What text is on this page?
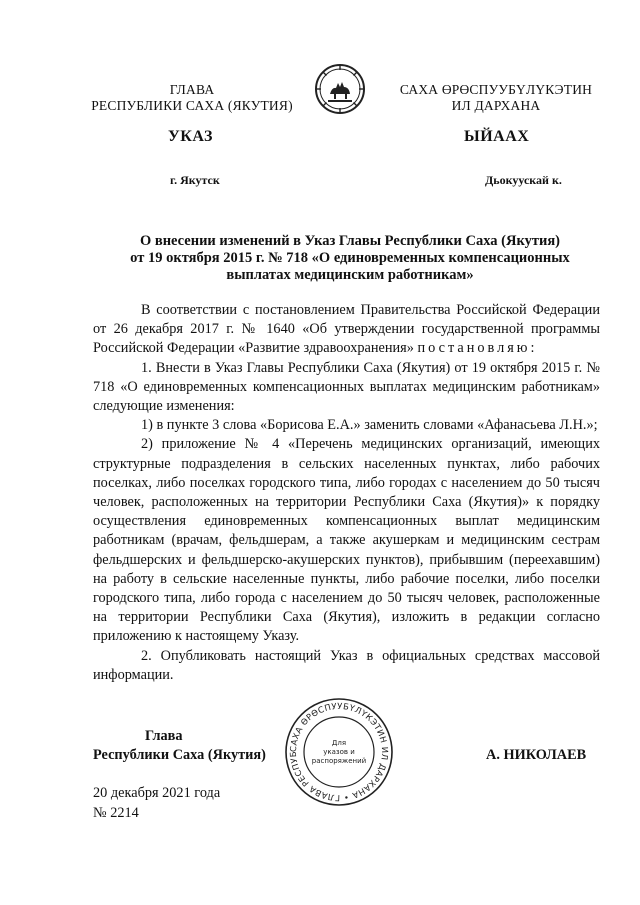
ГЛАВА
РЕСПУБЛИКИ САХА (ЯКУТИЯ)
САХА ӨРӨСПУУБҮЛҮКЭТИН
ИЛ ДАРХАНА
УКАЗ	ЫЙААХ
г. Якутск	Дьокуускай к.
О внесении изменений в Указ Главы Республики Саха (Якутия)
от 19 октября 2015 г. № 718 «О единовременных компенсационных
выплатах медицинским работникам»

В соответствии с постановлением Правительства Российской Федерации от 26 декабря 2017 г. № 1640 «Об утверждении государственной программы Российской Федерации «Развитие здравоохранения» постановляю:

1. Внести в Указ Главы Республики Саха (Якутия) от 19 октября 2015 г. № 718 «О единовременных компенсационных выплатах медицинским работникам» следующие изменения:

1) в пункте 3 слова «Борисова Е.А.» заменить словами «Афанасьева Л.Н.»;

2) приложение № 4 «Перечень медицинских организаций, имеющих структурные подразделения в сельских населенных пунктах, либо рабочих поселках, либо поселках городского типа, либо городах с населением до 50 тысяч человек, расположенных на территории Республики Саха (Якутия)» к порядку осуществления единовременных компенсационных выплат медицинским работникам (врачам, фельдшерам, а также акушеркам и медицинским сестрам фельдшерских и фельдшерско-акушерских пунктов), прибывшим (переехавшим) на работу в сельские населенные пункты, либо рабочие поселки, либо поселки городского типа, либо города с населением до 50 тысяч человек, расположенные на территории Республики Саха (Якутия), изложить в редакции согласно приложению к настоящему Указу.

2. Опубликовать настоящий Указ в официальных средствах массовой информации.

Глава
Республики Саха (Якутия)	А. НИКОЛАЕВ
САХА ӨРӨСПУУБҮЛҮКЭТИН ИЛ ДАРХАНА • ГЛАВА РЕСПУБ
Для
указов и
распоряжений
20 декабря 2021 года
№ 2214
